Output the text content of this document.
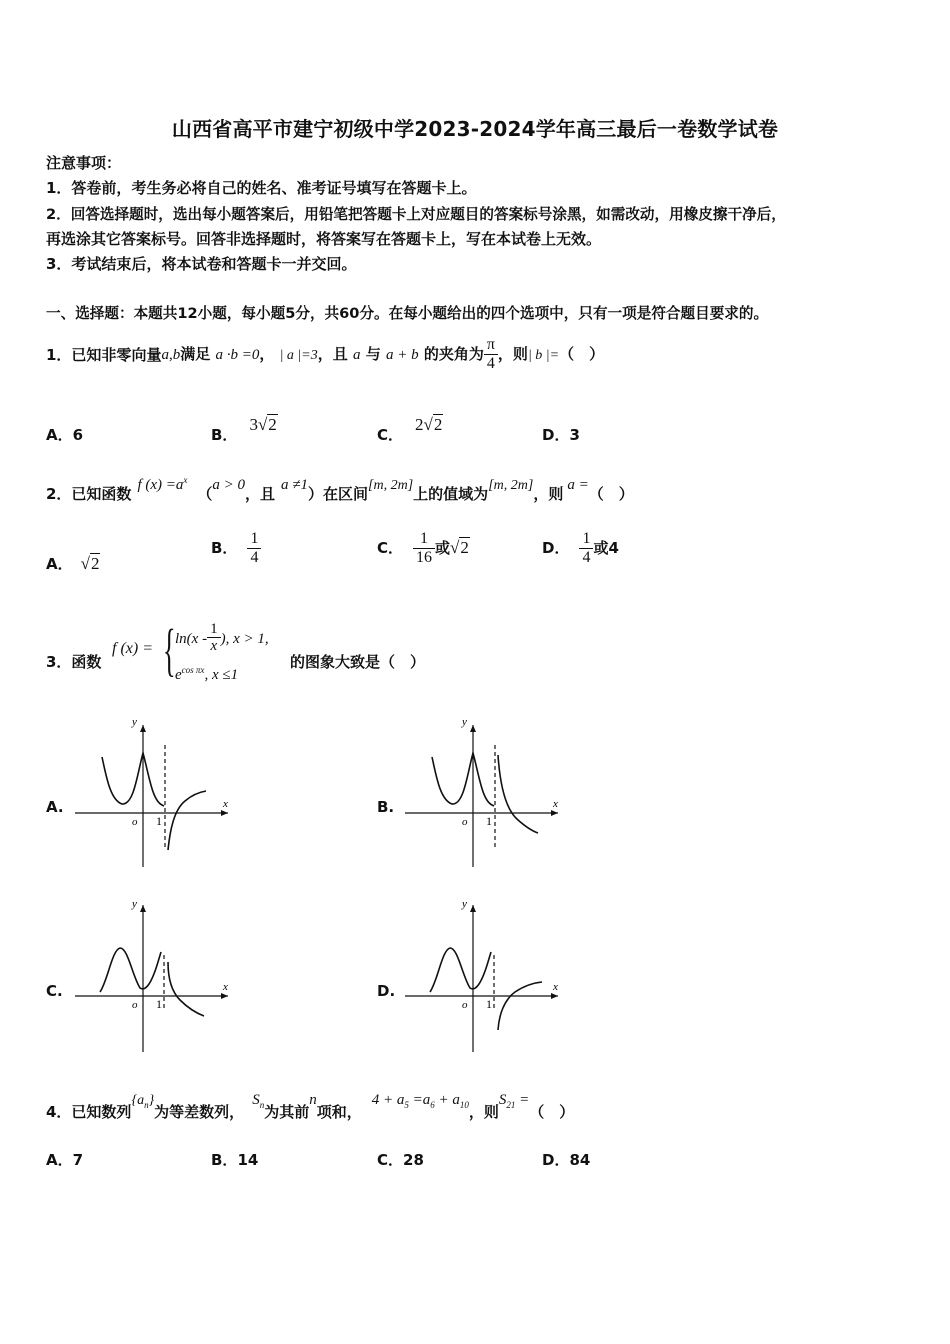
山西省高平市建宁初级中学2023-2024学年高三最后一卷数学试卷
注意事项：
1．答卷前，考生务必将自己的姓名、准考证号填写在答题卡上。
2．回答选择题时，选出每小题答案后，用铅笔把答题卡上对应题目的答案标号涂黑，如需改动，用橡皮擦干净后，
再选涂其它答案标号。回答非选择题时，将答案写在答题卡上，写在本试卷上无效。
3．考试结束后，将本试卷和答题卡一并交回。
一、选择题：本题共12小题，每小题5分，共60分。在每小题给出的四个选项中，只有一项是符合题目要求的。
1．已知非零向量a,b满足 a ·b =0， | a |=3，且 a 与 a + b 的夹角为 $\frac{\pi}{4}$ ，则| b |=（　）
A．6	B．3√2
C．2√2
D．3
2．已知函数 f $(x) =a^x(a > 0$，且 a ≠1）在区间[m, 2m]上的值域为[m, 2m]，则 a =（　）
A． √2
B． $\frac{1}{4}$	C． $\frac{1}{16}$ 或√2	D． $\frac{1}{4}$ 或4
3．函数
f (x) = { $\ln(x - \frac{1}{x}$ ), x > 1,
$e^{cos \pi x}$, x ≤1
的图象大致是（　）
A.	B.
C.	D.
y
x
o 1
y
x
o 1
y
x
o 1
y
x
o 1
4．已知数列$\{a_n\}$为等差数列，$S_n$为其前n项和，$4 + a_5 =a_6 + a_{10}$，则$S_{21}$ =（　）
A．7	B．14	C．28	D．84
